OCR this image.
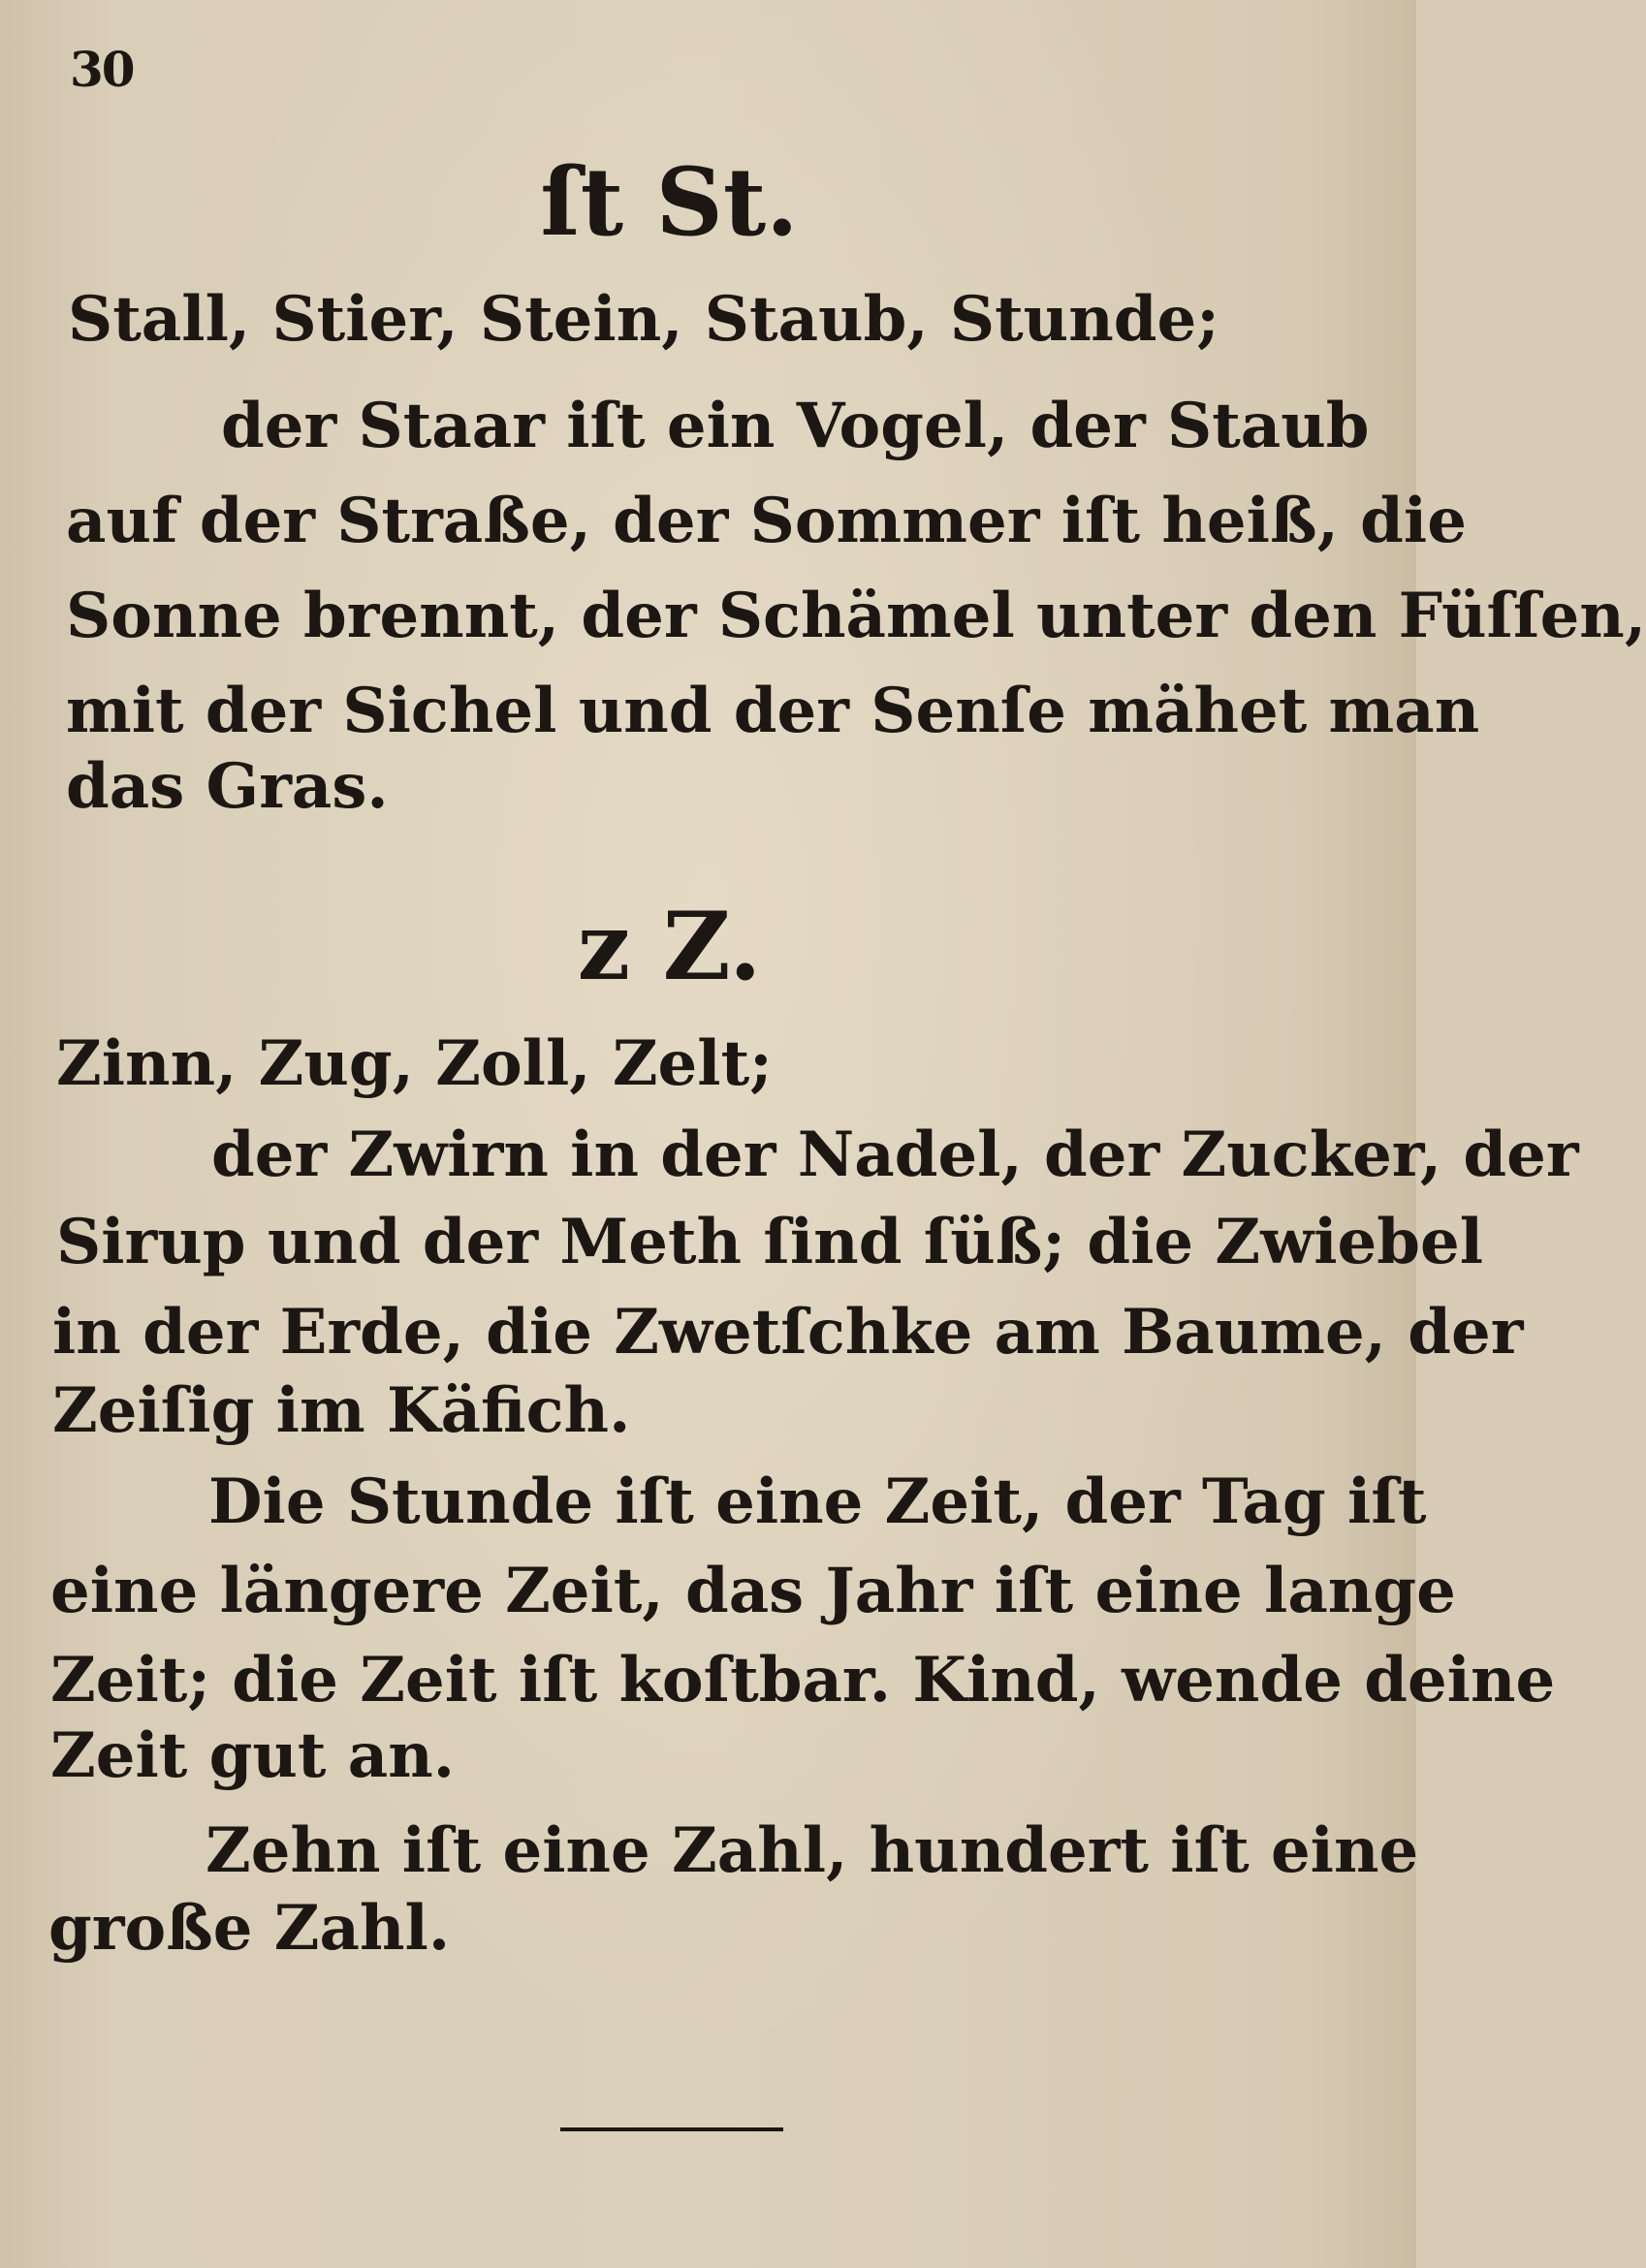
30
ſt St.
Stall, Stier, Stein, Staub, Stunde;
der Staar iſt ein Vogel, der Staub
auf der Straße, der Sommer iſt heiß, die
Sonne brennt, der Schämel unter den Füſſen,
mit der Sichel und der Senſe mähet man
das Gras.
z Z.
Zinn, Zug, Zoll, Zelt;
der Zwirn in der Nadel, der Zucker, der
Sirup und der Meth ſind ſüß; die Zwiebel
in der Erde, die Zwetſchke am Baume, der
Zeiſig im Käfich.
Die Stunde iſt eine Zeit, der Tag iſt
eine längere Zeit, das Jahr iſt eine lange
Zeit; die Zeit iſt koſtbar. Kind, wende deine
Zeit gut an.
Zehn iſt eine Zahl, hundert iſt eine
große Zahl.
